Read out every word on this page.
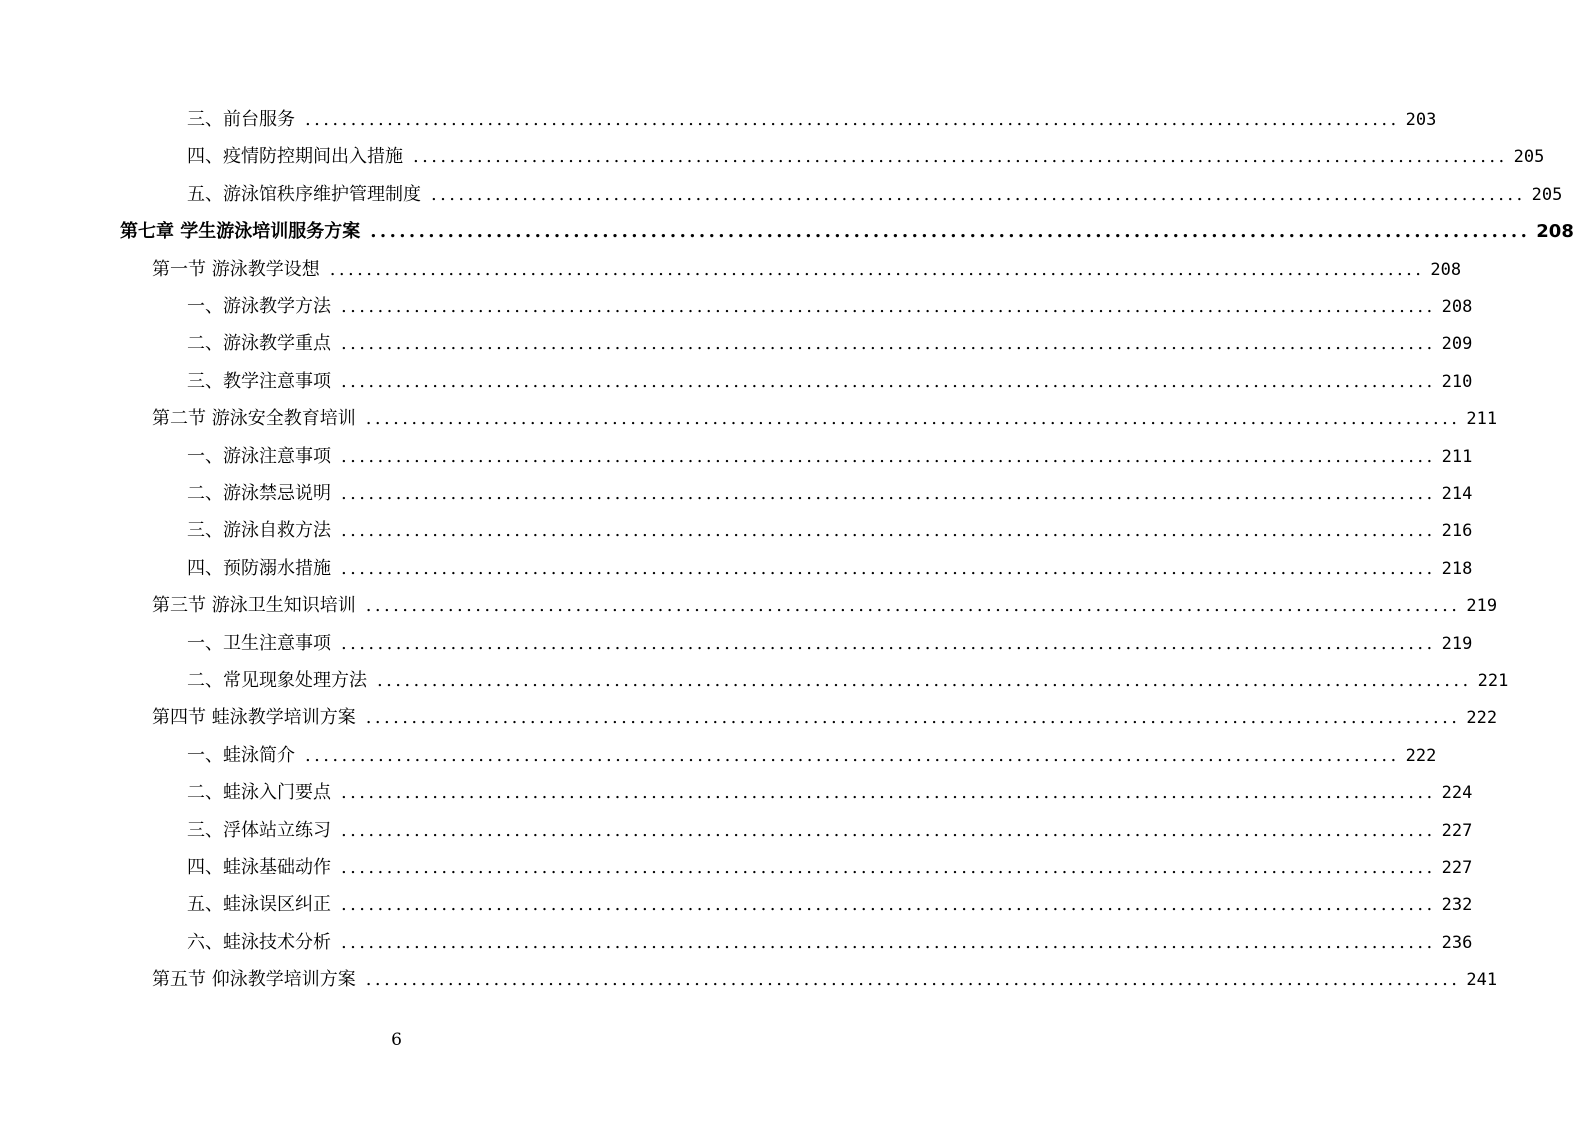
三、前台服务 ........................................................................................................................ 203
四、疫情防控期间出入措施 ........................................................................................................................ 205
五、游泳馆秩序维护管理制度 ........................................................................................................................ 205
第七章 学生游泳培训服务方案 ........................................................................................................................ 208
第一节 游泳教学设想 ........................................................................................................................ 208
一、游泳教学方法 ........................................................................................................................ 208
二、游泳教学重点 ........................................................................................................................ 209
三、教学注意事项 ........................................................................................................................ 210
第二节 游泳安全教育培训 ........................................................................................................................ 211
一、游泳注意事项 ........................................................................................................................ 211
二、游泳禁忌说明 ........................................................................................................................ 214
三、游泳自救方法 ........................................................................................................................ 216
四、预防溺水措施 ........................................................................................................................ 218
第三节 游泳卫生知识培训 ........................................................................................................................ 219
一、卫生注意事项 ........................................................................................................................ 219
二、常见现象处理方法 ........................................................................................................................ 221
第四节 蛙泳教学培训方案 ........................................................................................................................ 222
一、蛙泳简介 ........................................................................................................................ 222
二、蛙泳入门要点 ........................................................................................................................ 224
三、浮体站立练习 ........................................................................................................................ 227
四、蛙泳基础动作 ........................................................................................................................ 227
五、蛙泳误区纠正 ........................................................................................................................ 232
六、蛙泳技术分析 ........................................................................................................................ 236
第五节 仰泳教学培训方案 ........................................................................................................................ 241
6
